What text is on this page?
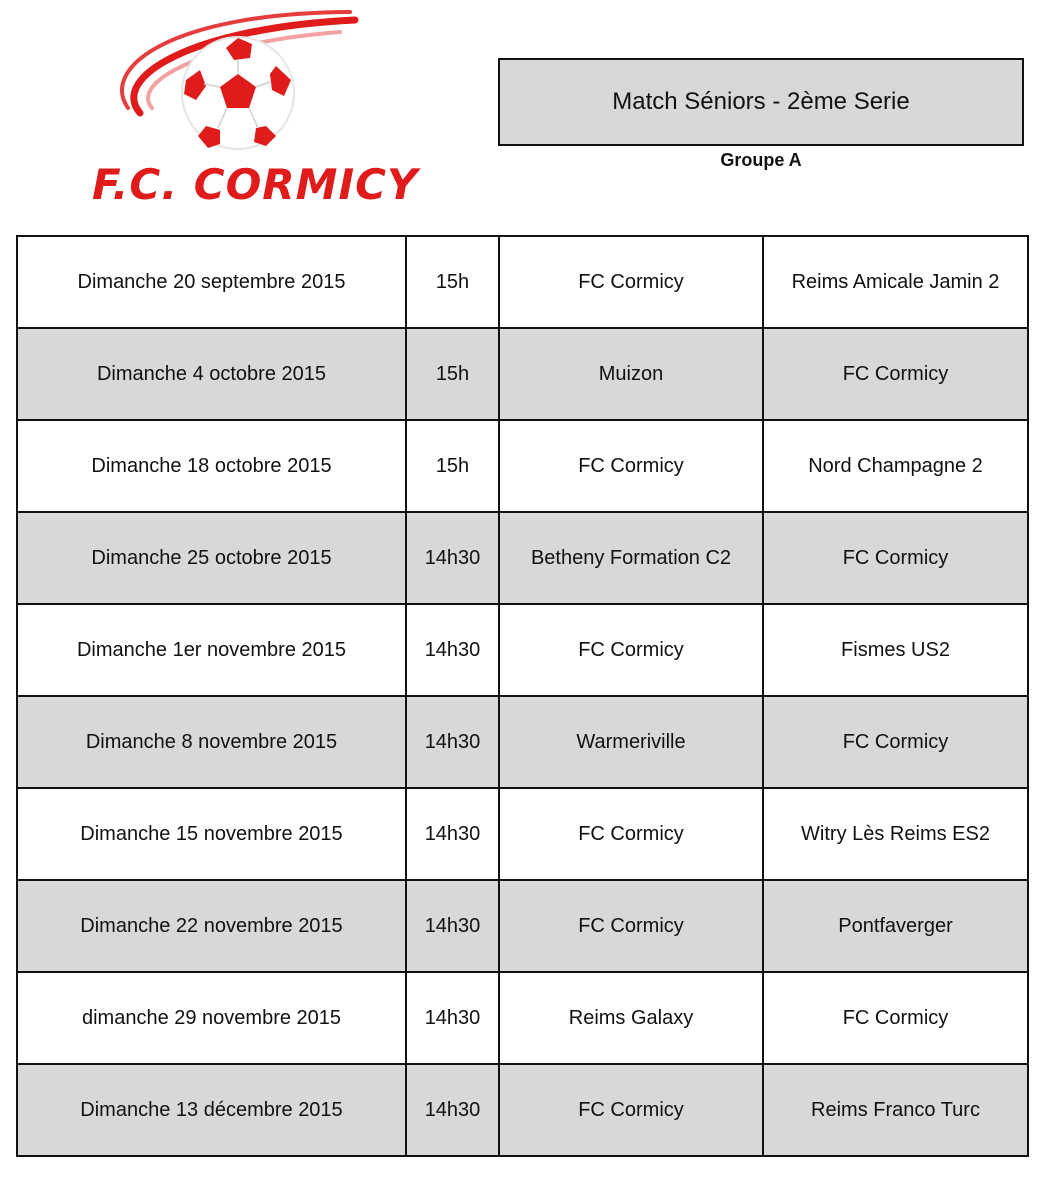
F.C. CORMICY
Match Séniors - 2ème Serie
Groupe A
Dimanche 20 septembre 2015	15h	FC Cormicy	Reims Amicale Jamin 2
Dimanche 4 octobre 2015	15h	Muizon	FC Cormicy
Dimanche 18 octobre 2015	15h	FC Cormicy	Nord Champagne 2
Dimanche 25 octobre 2015	14h30	Betheny Formation C2	FC Cormicy
Dimanche 1er novembre 2015	14h30	FC Cormicy	Fismes US2
Dimanche 8 novembre 2015	14h30	Warmeriville	FC Cormicy
Dimanche 15 novembre 2015	14h30	FC Cormicy	Witry Lès Reims ES2
Dimanche 22 novembre 2015	14h30	FC Cormicy	Pontfaverger
dimanche 29 novembre 2015	14h30	Reims Galaxy	FC Cormicy
Dimanche 13 décembre 2015	14h30	FC Cormicy	Reims Franco Turc
